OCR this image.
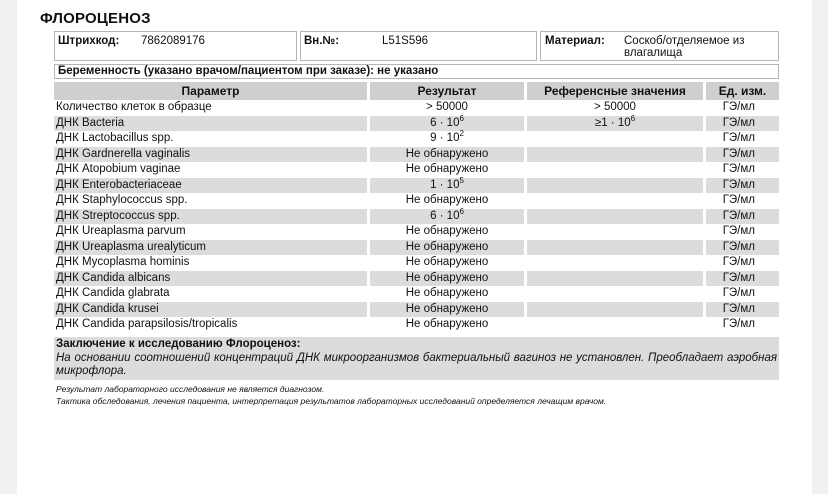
ФЛОРОЦЕНОЗ
Штрихкод: 7862089176	Вн.№:	L51S596	Материал: Соскоб/отделяемое из
влагалища
Беременность (указано врачом/пациентом при заказе): не указано
Параметр	Результат	Референсные значения	Ед. изм.
Количество клеток в образце	> 50000	> 50000	ГЭ/мл
ДНК Bacteria	$6 \cdot 10^6$	$\ge 1 \cdot 10^6$	ГЭ/мл
ДНК Lactobacillus spp.	$9 \cdot 10^2$		ГЭ/мл
ДНК Gardnerella vaginalis	Не обнаружено		ГЭ/мл
ДНК Atopobium vaginae	Не обнаружено		ГЭ/мл
ДНК Enterobacteriaceae	$1 \cdot 10^5$		ГЭ/мл
ДНК Staphylococcus spp.	Не обнаружено		ГЭ/мл
ДНК Streptococcus spp.	$6 \cdot 10^6$		ГЭ/мл
ДНК Ureaplasma parvum	Не обнаружено		ГЭ/мл
ДНК Ureaplasma urealyticum	Не обнаружено		ГЭ/мл
ДНК Mycoplasma hominis	Не обнаружено		ГЭ/мл
ДНК Candida albicans	Не обнаружено		ГЭ/мл
ДНК Candida glabrata	Не обнаружено		ГЭ/мл
ДНК Candida krusei	Не обнаружено		ГЭ/мл
ДНК Candida parapsilosis/tropicalis	Не обнаружено		ГЭ/мл
Заключение к исследованию Флороценоз:
На основании соотношений концентраций ДНК микроорганизмов бактериальный вагиноз не установлен. Преобладает аэробная микрофлора.
Результат лабораторного исследования не является диагнозом.
Тактика обследования, лечения пациента, интерпретация результатов лабораторных исследований определяется лечащим врачом.
